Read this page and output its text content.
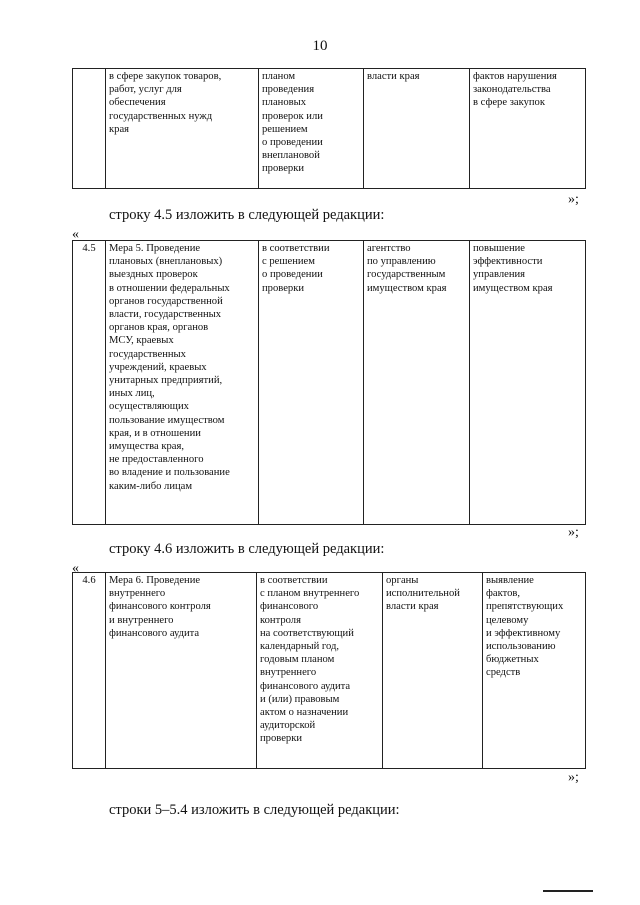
10
	в сфере закупок товаров,
работ, услуг для
обеспечения
государственных нужд
края	планом
проведения
плановых
проверок или
решением
о проведении
внеплановой
проверки	власти края	фактов нарушения
законодательства
в сфере закупок
»;
строку 4.5 изложить в следующей редакции:
«
4.5	Мера 5. Проведение
плановых (внеплановых)
выездных проверок
в отношении федеральных
органов государственной
власти, государственных
органов края, органов
МСУ, краевых
государственных
учреждений, краевых
унитарных предприятий,
иных лиц,
осуществляющих
пользование имуществом
края, и в отношении
имущества края,
не предоставленного
во владение и пользование
каким-либо лицам	в соответствии
с решением
о проведении
проверки	агентство
по управлению
государственным
имуществом края	повышение
эффективности
управления
имуществом края
»;
строку 4.6 изложить в следующей редакции:
«
4.6	Мера 6. Проведение
внутреннего
финансового контроля
и внутреннего
финансового аудита	в соответствии
с планом внутреннего
финансового
контроля
на соответствующий
календарный год,
годовым планом
внутреннего
финансового аудита
и (или) правовым
актом о назначении
аудиторской
проверки	органы
исполнительной
власти края	выявление
фактов,
препятствующих
целевому
и эффективному
использованию
бюджетных
средств
»;
строки 5–5.4 изложить в следующей редакции:
